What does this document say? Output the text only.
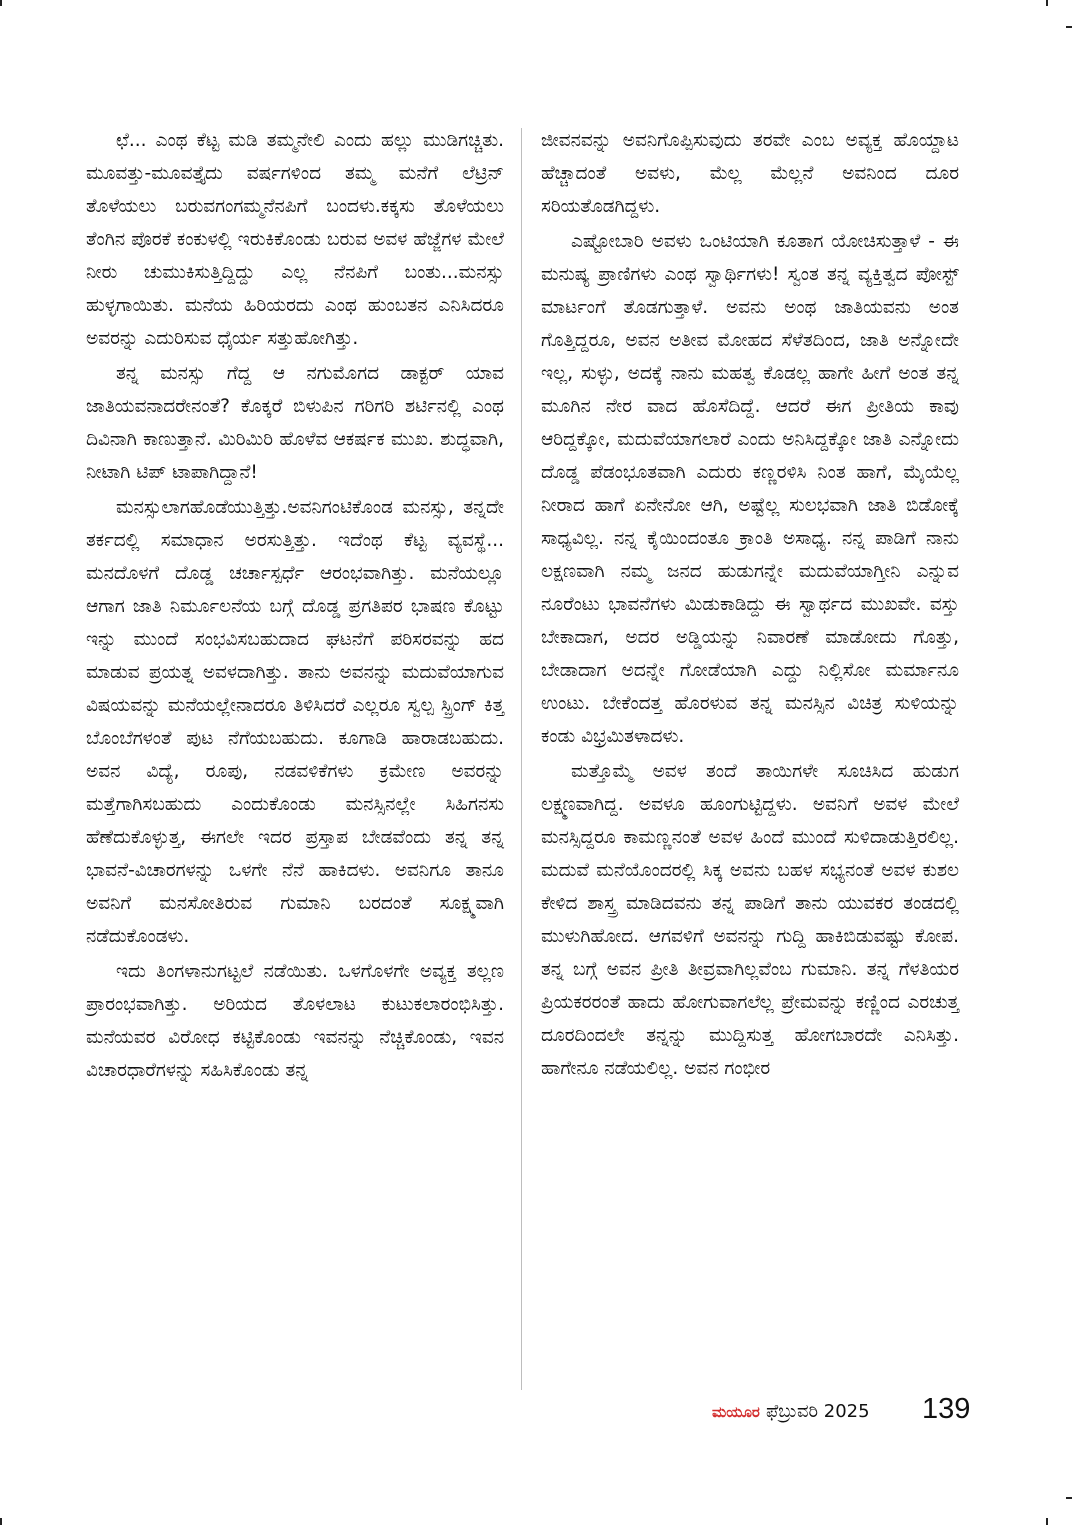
ಛೆ... ಎಂಥ ಕೆಟ್ಟ ಮಡಿ ತಮ್ಮನೇಲಿ ಎಂದು ಹಲ್ಲು ಮುಡಿಗಚ್ಚಿತು. ಮೂವತ್ತು-ಮೂವತ್ತೈದು ವರ್ಷಗಳಿಂದ ತಮ್ಮ ಮನೆಗೆ ಲೆಟ್ರಿನ್ ತೊಳೆಯಲು ಬರುವಗಂಗಮ್ಮನೆನಪಿಗೆ ಬಂದಳು.ಕಕ್ಕಸು ತೊಳೆಯಲು ತೆಂಗಿನ ಪೊರಕೆ ಕಂಕುಳಲ್ಲಿ ಇರುಕಿಕೊಂಡು ಬರುವ ಅವಳ ಹೆಜ್ಜೆಗಳ ಮೇಲೆ ನೀರು ಚುಮುಕಿಸುತ್ತಿದ್ದಿದ್ದು ಎಲ್ಲ ನೆನಪಿಗೆ ಬಂತು...ಮನಸ್ಸು ಹುಳ್ಳಗಾಯಿತು. ಮನೆಯ ಹಿರಿಯರದು ಎಂಥ ಹುಂಬತನ ಎನಿಸಿದರೂ ಅವರನ್ನು ಎದುರಿಸುವ ಧೈರ್ಯ ಸತ್ತುಹೋಗಿತ್ತು.

ತನ್ನ ಮನಸ್ಸು ಗೆದ್ದ ಆ ನಗುಮೊಗದ ಡಾಕ್ಟರ್ ಯಾವ ಜಾತಿಯವನಾದರೇನಂತೆ? ಕೊಕ್ಕರೆ ಬಿಳುಪಿನ ಗರಿಗರಿ ಶರ್ಟಿನಲ್ಲಿ ಎಂಥ ದಿವಿನಾಗಿ ಕಾಣುತ್ತಾನೆ. ಮಿರಿಮಿರಿ ಹೊಳೆವ ಆಕರ್ಷಕ ಮುಖ. ಶುದ್ಧವಾಗಿ, ನೀಟಾಗಿ ಟಿಪ್ ಟಾಪಾಗಿದ್ದಾನೆ!

ಮನಸ್ಸುಲಾಗಹೊಡೆಯುತ್ತಿತ್ತು.ಅವನಿಗಂಟಿಕೊಂಡ ಮನಸ್ಸು, ತನ್ನದೇ ತರ್ಕದಲ್ಲಿ ಸಮಾಧಾನ ಅರಸುತ್ತಿತ್ತು. ಇದೆಂಥ ಕೆಟ್ಟ ವ್ಯವಸ್ಥೆ... ಮನದೊಳಗೆ ದೊಡ್ಡ ಚರ್ಚಾಸ್ಪರ್ಧೆ ಆರಂಭವಾಗಿತ್ತು. ಮನೆಯಲ್ಲೂ ಆಗಾಗ ಜಾತಿ ನಿರ್ಮೂಲನೆಯ ಬಗ್ಗೆ ದೊಡ್ಡ ಪ್ರಗತಿಪರ ಭಾಷಣ ಕೊಟ್ಟು ಇನ್ನು ಮುಂದೆ ಸಂಭವಿಸಬಹುದಾದ ಘಟನೆಗೆ ಪರಿಸರವನ್ನು ಹದ ಮಾಡುವ ಪ್ರಯತ್ನ ಅವಳದಾಗಿತ್ತು. ತಾನು ಅವನನ್ನು ಮದುವೆಯಾಗುವ ವಿಷಯವನ್ನು ಮನೆಯಲ್ಲೇನಾದರೂ ತಿಳಿಸಿದರೆ ಎಲ್ಲರೂ ಸ್ವಲ್ಪ ಸ್ಪ್ರಿಂಗ್ ಕಿತ್ತ ಬೊಂಬೆಗಳಂತೆ ಪುಟ ನೆಗೆಯಬಹುದು. ಕೂಗಾಡಿ ಹಾರಾಡಬಹುದು. ಅವನ ವಿದ್ಯೆ, ರೂಪು, ನಡವಳಿಕೆಗಳು ಕ್ರಮೇಣ ಅವರನ್ನು ಮತ್ತೆಗಾಗಿಸಬಹುದು ಎಂದುಕೊಂಡು ಮನಸ್ಸಿನಲ್ಲೇ ಸಿಹಿಗನಸು ಹೆಣೆದುಕೊಳ್ಳುತ್ತ, ಈಗಲೇ ಇದರ ಪ್ರಸ್ತಾಪ ಬೇಡವೆಂದು ತನ್ನ ತನ್ನ ಭಾವನೆ-ವಿಚಾರಗಳನ್ನು ಒಳಗೇ ನೆನೆ ಹಾಕಿದಳು. ಅವನಿಗೂ ತಾನೂ ಅವನಿಗೆ ಮನಸೋತಿರುವ ಗುಮಾನಿ ಬರದಂತೆ ಸೂಕ್ಷ್ಮವಾಗಿ ನಡೆದುಕೊಂಡಳು.

ಇದು ತಿಂಗಳಾನುಗಟ್ಟಲೆ ನಡೆಯಿತು. ಒಳಗೊಳಗೇ ಅವ್ಯಕ್ತ ತಲ್ಲಣ ಪ್ರಾರಂಭವಾಗಿತ್ತು. ಅರಿಯದ ತೊಳಲಾಟ ಕುಟುಕಲಾರಂಭಿಸಿತ್ತು. ಮನೆಯವರ ವಿರೋಧ ಕಟ್ಟಿಕೊಂಡು ಇವನನ್ನು ನೆಚ್ಚಿಕೊಂಡು, ಇವನ ವಿಚಾರಧಾರೆಗಳನ್ನು ಸಹಿಸಿಕೊಂಡು ತನ್ನ

ಜೀವನವನ್ನು ಅವನಿಗೊಪ್ಪಿಸುವುದು ತರವೇ ಎಂಬ ಅವ್ಯಕ್ತ ಹೊಯ್ದಾಟ ಹೆಚ್ಚಾದಂತೆ ಅವಳು, ಮೆಲ್ಲ ಮೆಲ್ಲನೆ ಅವನಿಂದ ದೂರ ಸರಿಯತೊಡಗಿದ್ದಳು.

ಎಷ್ಟೋಬಾರಿ ಅವಳು ಒಂಟಿಯಾಗಿ ಕೂತಾಗ ಯೋಚಿಸುತ್ತಾಳೆ - ಈ ಮನುಷ್ಯ ಪ್ರಾಣಿಗಳು ಎಂಥ ಸ್ವಾರ್ಥಿಗಳು! ಸ್ವಂತ ತನ್ನ ವ್ಯಕ್ತಿತ್ವದ ಪೋಸ್ಟ್ ಮಾರ್ಟಂಗೆ ತೊಡಗುತ್ತಾಳೆ. ಅವನು ಅಂಥ ಜಾತಿಯವನು ಅಂತ ಗೊತ್ತಿದ್ದರೂ, ಅವನ ಅತೀವ ಮೋಹದ ಸೆಳೆತದಿಂದ, ಜಾತಿ ಅನ್ನೋದೇ ಇಲ್ಲ, ಸುಳ್ಳು, ಅದಕ್ಕೆ ನಾನು ಮಹತ್ವ ಕೊಡಲ್ಲ ಹಾಗೇ ಹೀಗೆ ಅಂತ ತನ್ನ ಮೂಗಿನ ನೇರ ವಾದ ಹೊಸೆದಿದ್ದೆ. ಆದರೆ ಈಗ ಪ್ರೀತಿಯ ಕಾವು ಆರಿದ್ದಕ್ಕೋ, ಮದುವೆಯಾಗಲಾರೆ ಎಂದು ಅನಿಸಿದ್ದಕ್ಕೋ ಜಾತಿ ಎನ್ನೋದು ದೊಡ್ಡ ಪೆಡಂಭೂತವಾಗಿ ಎದುರು ಕಣ್ಣರಳಿಸಿ ನಿಂತ ಹಾಗೆ, ಮೈಯೆಲ್ಲ ನೀರಾದ ಹಾಗೆ ಏನೇನೋ ಆಗಿ, ಅಷ್ಟೆಲ್ಲ ಸುಲಭವಾಗಿ ಜಾತಿ ಬಿಡೋಕ್ಕೆ ಸಾಧ್ಯವಿಲ್ಲ. ನನ್ನ ಕೈಯಿಂದಂತೂ ಕ್ರಾಂತಿ ಅಸಾಧ್ಯ. ನನ್ನ ಪಾಡಿಗೆ ನಾನು ಲಕ್ಷಣವಾಗಿ ನಮ್ಮ ಜನದ ಹುಡುಗನ್ನೇ ಮದುವೆಯಾಗ್ತೀನಿ ಎನ್ನುವ ನೂರೆಂಟು ಭಾವನೆಗಳು ಮಿಡುಕಾಡಿದ್ದು ಈ ಸ್ವಾರ್ಥದ ಮುಖವೇ. ವಸ್ತು ಬೇಕಾದಾಗ, ಅದರ ಅಡ್ಡಿಯನ್ನು ನಿವಾರಣೆ ಮಾಡೋದು ಗೊತ್ತು, ಬೇಡಾದಾಗ ಅದನ್ನೇ ಗೋಡೆಯಾಗಿ ಎದ್ದು ನಿಲ್ಲಿಸೋ ಮರ್ಮಾನೂ ಉಂಟು. ಬೇಕೆಂದತ್ತ ಹೊರಳುವ ತನ್ನ ಮನಸ್ಸಿನ ವಿಚಿತ್ರ ಸುಳಿಯನ್ನು ಕಂಡು ವಿಭ್ರಮಿತಳಾದಳು.

ಮತ್ತೊಮ್ಮೆ ಅವಳ ತಂದೆ ತಾಯಿಗಳೇ ಸೂಚಿಸಿದ ಹುಡುಗ ಲಕ್ಷ್ಮಣವಾಗಿದ್ದ. ಅವಳೂ ಹೂಂಗುಟ್ಟಿದ್ದಳು. ಅವನಿಗೆ ಅವಳ ಮೇಲೆ ಮನಸ್ಸಿದ್ದರೂ ಕಾಮಣ್ಣನಂತೆ ಅವಳ ಹಿಂದೆ ಮುಂದೆ ಸುಳಿದಾಡುತ್ತಿರಲಿಲ್ಲ. ಮದುವೆ ಮನೆಯೊಂದರಲ್ಲಿ ಸಿಕ್ಕ ಅವನು ಬಹಳ ಸಭ್ಯನಂತೆ ಅವಳ ಕುಶಲ ಕೇಳಿದ ಶಾಸ್ತ್ರ ಮಾಡಿದವನು ತನ್ನ ಪಾಡಿಗೆ ತಾನು ಯುವಕರ ತಂಡದಲ್ಲಿ ಮುಳುಗಿಹೋದ. ಆಗವಳಿಗೆ ಅವನನ್ನು ಗುದ್ದಿ ಹಾಕಿಬಿಡುವಷ್ಟು ಕೋಪ. ತನ್ನ ಬಗ್ಗೆ ಅವನ ಪ್ರೀತಿ ತೀವ್ರವಾಗಿಲ್ಲವೆಂಬ ಗುಮಾನಿ. ತನ್ನ ಗೆಳತಿಯರ ಪ್ರಿಯಕರರಂತೆ ಹಾದು ಹೋಗುವಾಗಲೆಲ್ಲ ಪ್ರೇಮವನ್ನು ಕಣ್ಣಿಂದ ಎರಚುತ್ತ ದೂರದಿಂದಲೇ ತನ್ನನ್ನು ಮುದ್ದಿಸುತ್ತ ಹೋಗಬಾರದೇ ಎನಿಸಿತ್ತು. ಹಾಗೇನೂ ನಡೆಯಲಿಲ್ಲ. ಅವನ ಗಂಭೀರ

ಮಯೂರ ಫೆಬ್ರುವರಿ 2025 139
